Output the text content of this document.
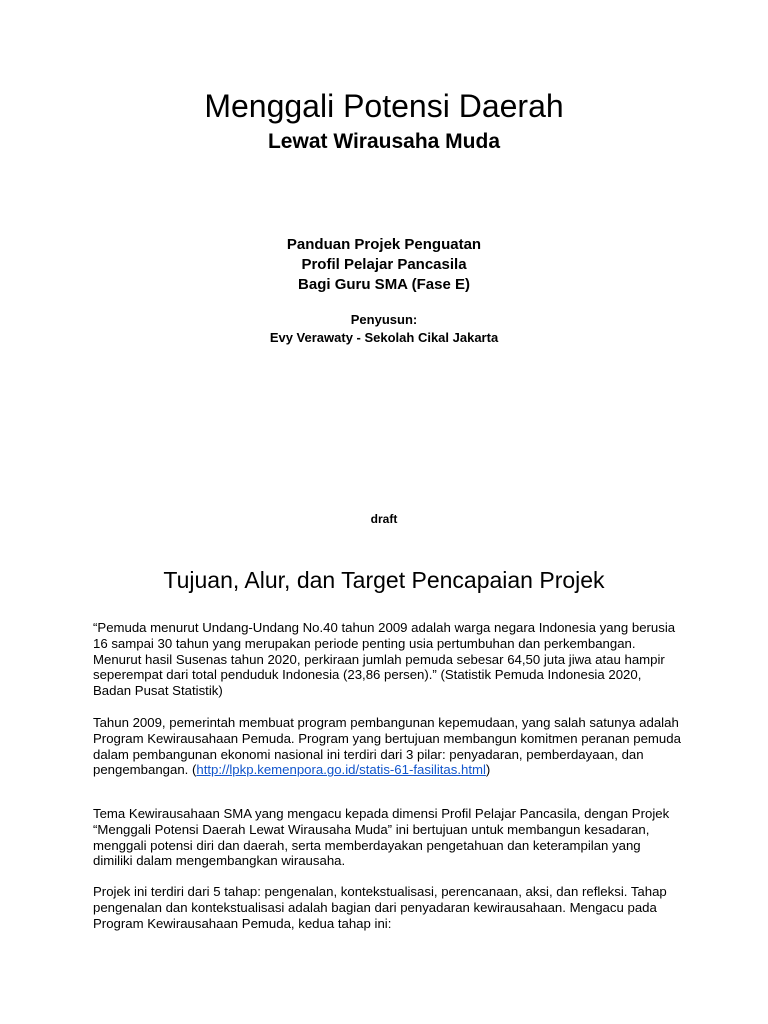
Menggali Potensi Daerah
Lewat Wirausaha Muda
Panduan Projek Penguatan
Profil Pelajar Pancasila
Bagi Guru SMA (Fase E)
Penyusun:
Evy Verawaty - Sekolah Cikal Jakarta
draft
Tujuan, Alur, dan Target Pencapaian Projek

“Pemuda menurut Undang-Undang No.40 tahun 2009 adalah warga negara Indonesia yang berusia 16 sampai 30 tahun yang merupakan periode penting usia pertumbuhan dan perkembangan. Menurut hasil Susenas tahun 2020, perkiraan jumlah pemuda sebesar 64,50 juta jiwa atau hampir seperempat dari total penduduk Indonesia (23,86 persen).” (Statistik Pemuda Indonesia 2020, Badan Pusat Statistik)

Tahun 2009, pemerintah membuat program pembangunan kepemudaan, yang salah satunya adalah Program Kewirausahaan Pemuda. Program yang bertujuan membangun komitmen peranan pemuda dalam pembangunan ekonomi nasional ini terdiri dari 3 pilar: penyadaran, pemberdayaan, dan pengembangan. (http://lpkp.kemenpora.go.id/statis-61-fasilitas.html)

Tema Kewirausahaan SMA yang mengacu kepada dimensi Profil Pelajar Pancasila, dengan Projek “Menggali Potensi Daerah Lewat Wirausaha Muda” ini bertujuan untuk membangun kesadaran, menggali potensi diri dan daerah, serta memberdayakan pengetahuan dan keterampilan yang dimiliki dalam mengembangkan wirausaha.

Projek ini terdiri dari 5 tahap: pengenalan, kontekstualisasi, perencanaan, aksi, dan refleksi. Tahap pengenalan dan kontekstualisasi adalah bagian dari penyadaran kewirausahaan. Mengacu pada Program Kewirausahaan Pemuda, kedua tahap ini:
